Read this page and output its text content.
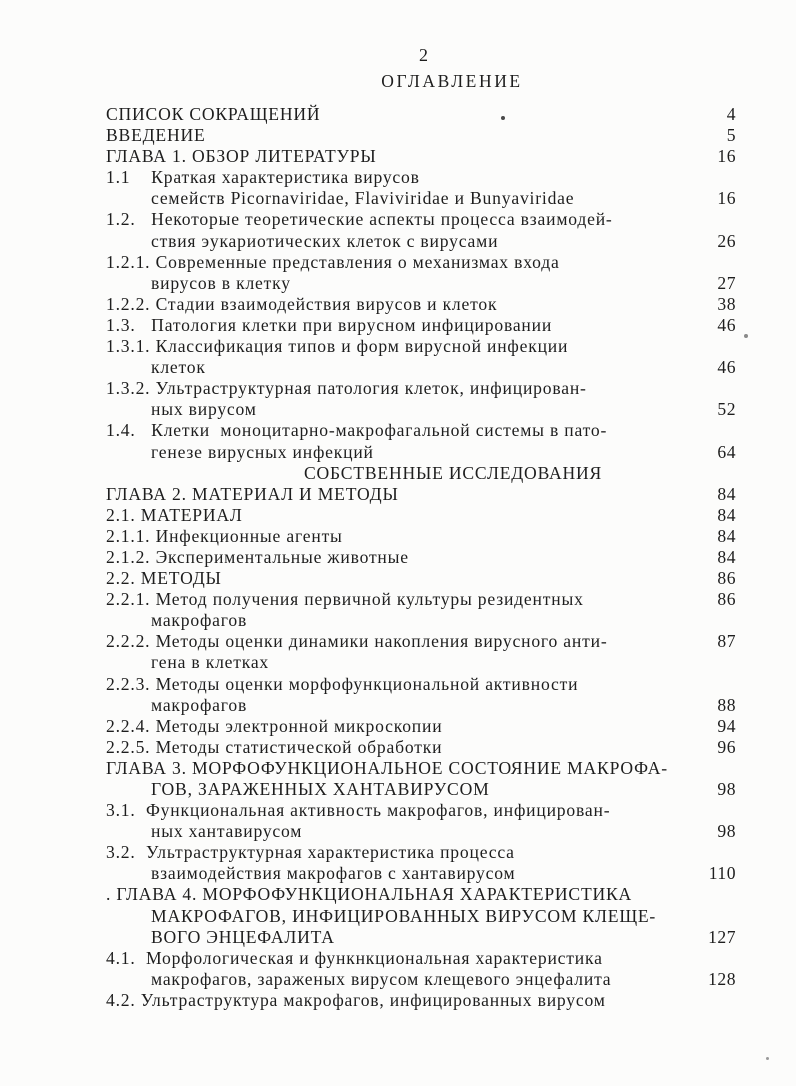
2
ОГЛАВЛЕНИЕ
СПИСОК СОКРАЩЕНИЙ	4
ВВЕДЕНИЕ	5
ГЛАВА 1. ОБЗОР ЛИТЕРАТУРЫ	16
1.1    Краткая характеристика вирусов
семейств Picornaviridae, Flaviviridae и Bunyaviridae	16
1.2.   Некоторые теоретические аспекты процесса взаимодей-
ствия эукариотических клеток с вирусами	26
1.2.1. Современные представления о механизмах входа
вирусов в клетку	27
1.2.2. Стадии взаимодействия вирусов и клеток	38
1.3.   Патология клетки при вирусном инфицировании	46
1.3.1. Классификация типов и форм вирусной инфекции
клеток	46
1.3.2. Ультраструктурная патология клеток, инфицирован-
ных вирусом	52
1.4.   Клетки  моноцитарно-макрофагальной системы в пато-
генезе вирусных инфекций	64
СОБСТВЕННЫЕ ИССЛЕДОВАНИЯ
ГЛАВА 2. МАТЕРИАЛ И МЕТОДЫ	84
2.1. МАТЕРИАЛ	84
2.1.1. Инфекционные агенты	84
2.1.2. Экспериментальные животные	84
2.2. МЕТОДЫ	86
2.2.1. Метод получения первичной культуры резидентных	86
макрофагов
2.2.2. Методы оценки динамики накопления вирусного анти-	87
гена в клетках
2.2.3. Методы оценки морфофункциональной активности
макрофагов	88
2.2.4. Методы электронной микроскопии	94
2.2.5. Методы статистической обработки	96
ГЛАВА 3. МОРФОФУНКЦИОНАЛЬНОЕ СОСТОЯНИЕ МАКРОФА-
ГОВ, ЗАРАЖЕННЫХ ХАНТАВИРУСОМ	98
3.1.  Функциональная активность макрофагов, инфицирован-
ных хантавирусом	98
3.2.  Ультраструктурная характеристика процесса
взаимодействия макрофагов с хантавирусом	110
. ГЛАВА 4. МОРФОФУНКЦИОНАЛЬНАЯ ХАРАКТЕРИСТИКА
МАКРОФАГОВ, ИНФИЦИРОВАННЫХ ВИРУСОМ КЛЕЩЕ-
ВОГО ЭНЦЕФАЛИТА	127
4.1.  Морфологическая и функнкциональная характеристика
макрофагов, зараженых вирусом клещевого энцефалита	128
4.2. Ультраструктура макрофагов, инфицированных вирусом
